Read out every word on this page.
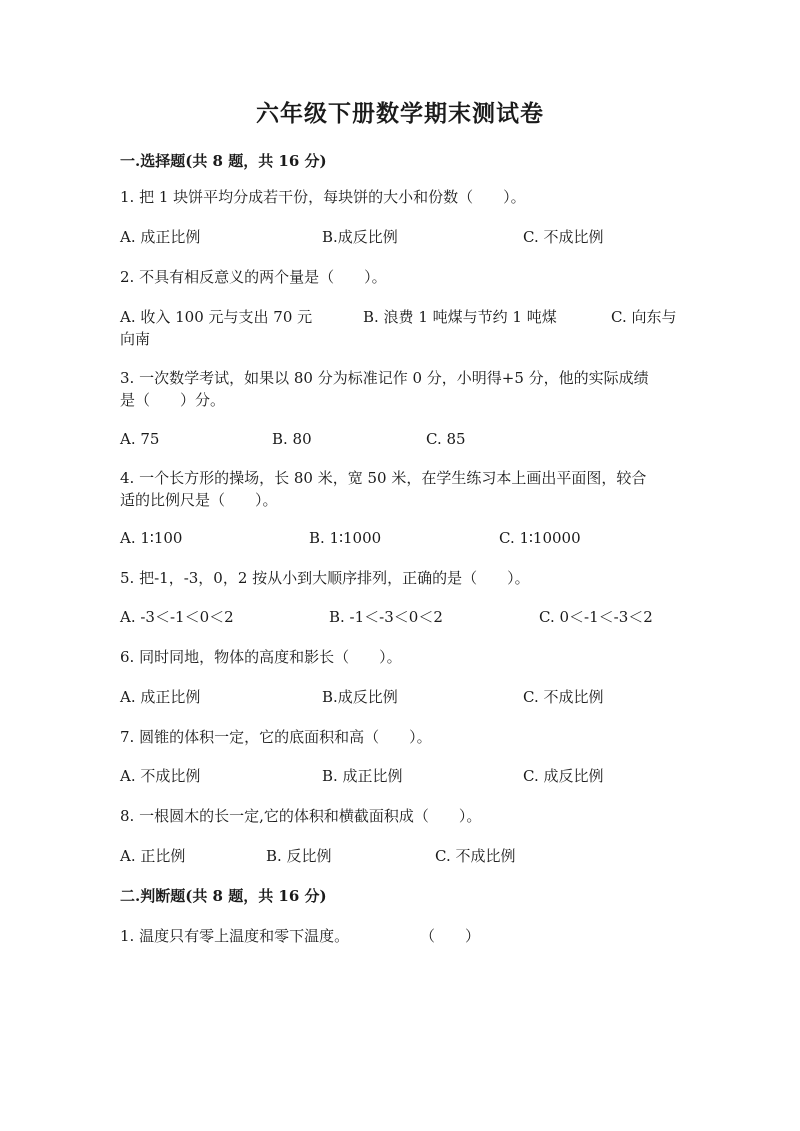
六年级下册数学期末测试卷
一.选择题(共 8 题，共 16 分)
1. 把 1 块饼平均分成若干份，每块饼的大小和份数（　　）。
A. 成正比例	B.成反比例	C. 不成比例
2. 不具有相反意义的两个量是（　　）。
A. 收入 100 元与支出 70 元	B. 浪费 1 吨煤与节约 1 吨煤	C. 向东与
向南
3. 一次数学考试，如果以 80 分为标准记作 0 分，小明得+5 分，他的实际成绩
是（　　）分。
A. 75	B. 80	C. 85
4. 一个长方形的操场，长 80 米，宽 50 米，在学生练习本上画出平面图，较合
适的比例尺是（　　）。
A. 1∶100	B. 1∶1000	C. 1∶10000
5. 把-1，-3，0，2 按从小到大顺序排列，正确的是（　　）。
A. -3＜-1＜0＜2	B. -1＜-3＜0＜2	C. 0＜-1＜-3＜2
6. 同时同地，物体的高度和影长（　　）。
A. 成正比例	B.成反比例	C. 不成比例
7. 圆锥的体积一定，它的底面积和高（　　）。
A. 不成比例	B. 成正比例	C. 成反比例
8. 一根圆木的长一定,它的体积和横截面积成（　　）。
A. 正比例	B. 反比例	C. 不成比例
二.判断题(共 8 题，共 16 分)
1. 温度只有零上温度和零下温度。	（　　）
